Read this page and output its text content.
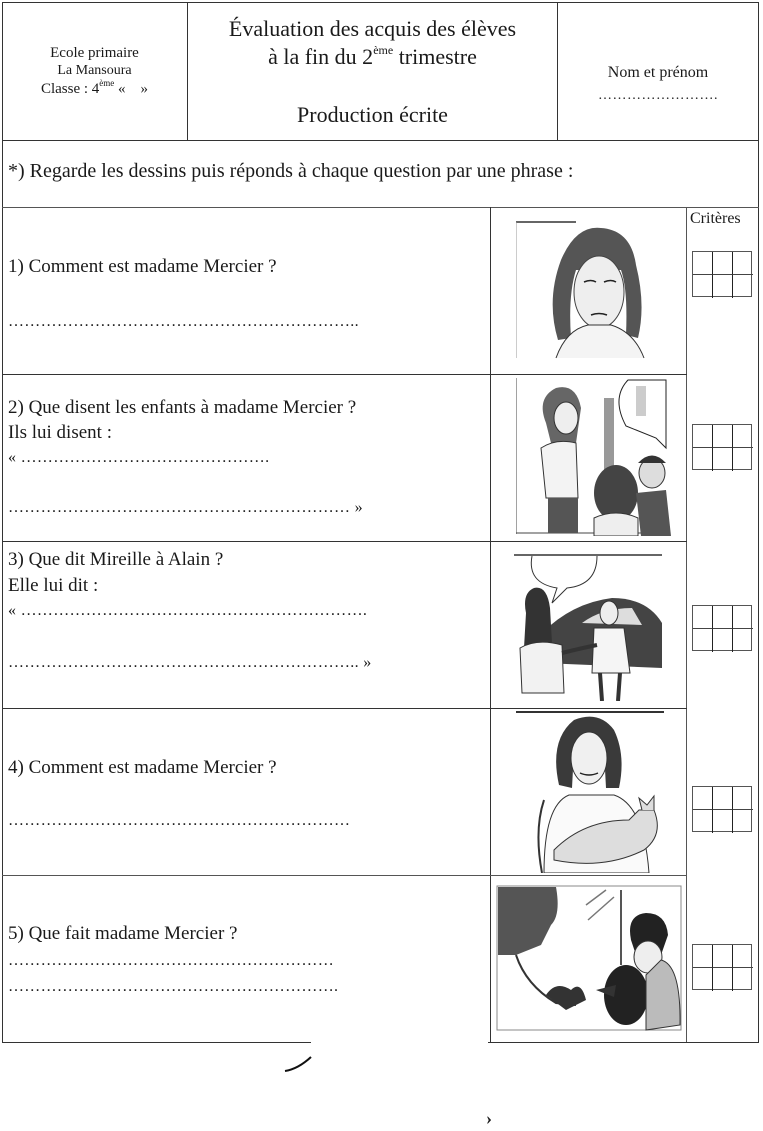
Ecole primaire
La Mansoura
Classe : 4ème «    »
Évaluation des acquis des élèves
à la fin du 2ème trimestre
Production écrite
Nom et prénom
…………………….
*) Regarde les dessins puis réponds à chaque question par une phrase :
Critères
1) Comment est madame Mercier ?
………………………………………………………..
2) Que disent les enfants à madame Mercier ?
Ils lui disent :
« ……………………………………….
……………………………………………………… »
3) Que dit Mireille à Alain ?
Elle lui dit :
« ……………………………………………………….
……………………………………………………….. »
4) Comment est madame Mercier ?
………………………………………………………
5) Que fait madame Mercier ?
……………………………………………………
…………………………………………………….
›
